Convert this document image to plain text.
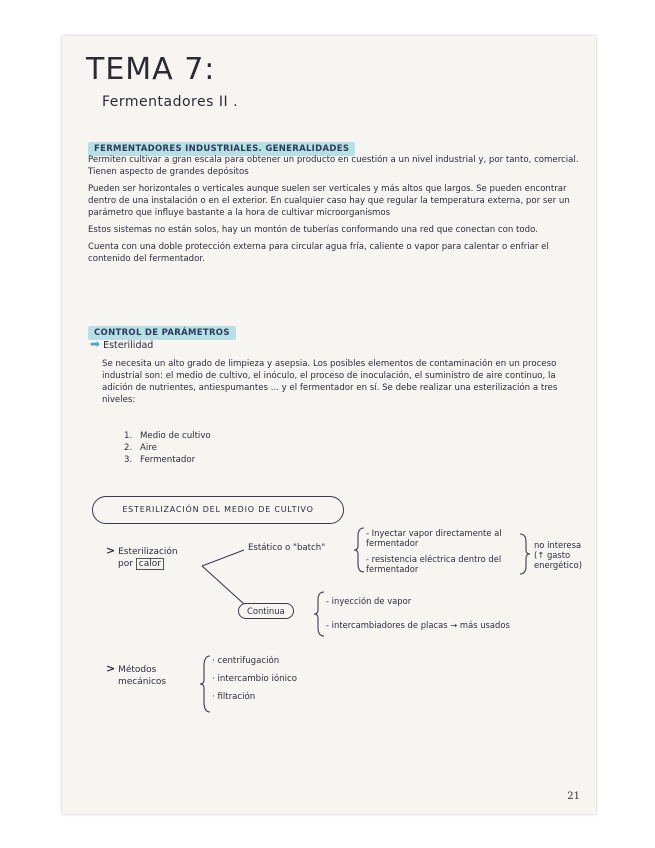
TEMA 7:
Fermentadores II .
FERMENTADORES INDUSTRIALES. GENERALIDADES

Permiten cultivar a gran escala para obtener un producto en cuestión a un nivel industrial y, por tanto, comercial. Tienen aspecto de grandes depósitos

Pueden ser horizontales o verticales aunque suelen ser verticales y más altos que largos. Se pueden encontrar dentro de una instalación o en el exterior. En cualquier caso hay que regular la temperatura externa, por ser un parámetro que influye bastante a la hora de cultivar microorganismos

Estos sistemas no están solos, hay un montón de tuberías conformando una red que conectan con todo.

Cuenta con una doble protección externa para circular agua fría, caliente o vapor para calentar o enfriar el contenido del fermentador.

CONTROL DE PARÁMETROS
➡ Esterilidad

Se necesita un alto grado de limpieza y asepsia. Los posibles elementos de contaminación en un proceso industrial son: el medio de cultivo, el inóculo, el proceso de inoculación, el suministro de aire continuo, la adición de nutrientes, antiespumantes ... y el fermentador en sí. Se debe realizar una esterilización a tres niveles:

1. Medio de cultivo
2. Aire
3. Fermentador
ESTERILIZACIÓN DEL MEDIO DE CULTIVO
> Esterilización
por calor
Estático o "batch"
- Inyectar vapor directamente al fermentador
- resistencia eléctrica dentro del fermentador
no interesa (↑ gasto energético)
Continua
- inyección de vapor
- intercambiadores de placas → más usados
> Métodos
mecánicos
· centrifugación
· intercambio iónico
· filtración
21
